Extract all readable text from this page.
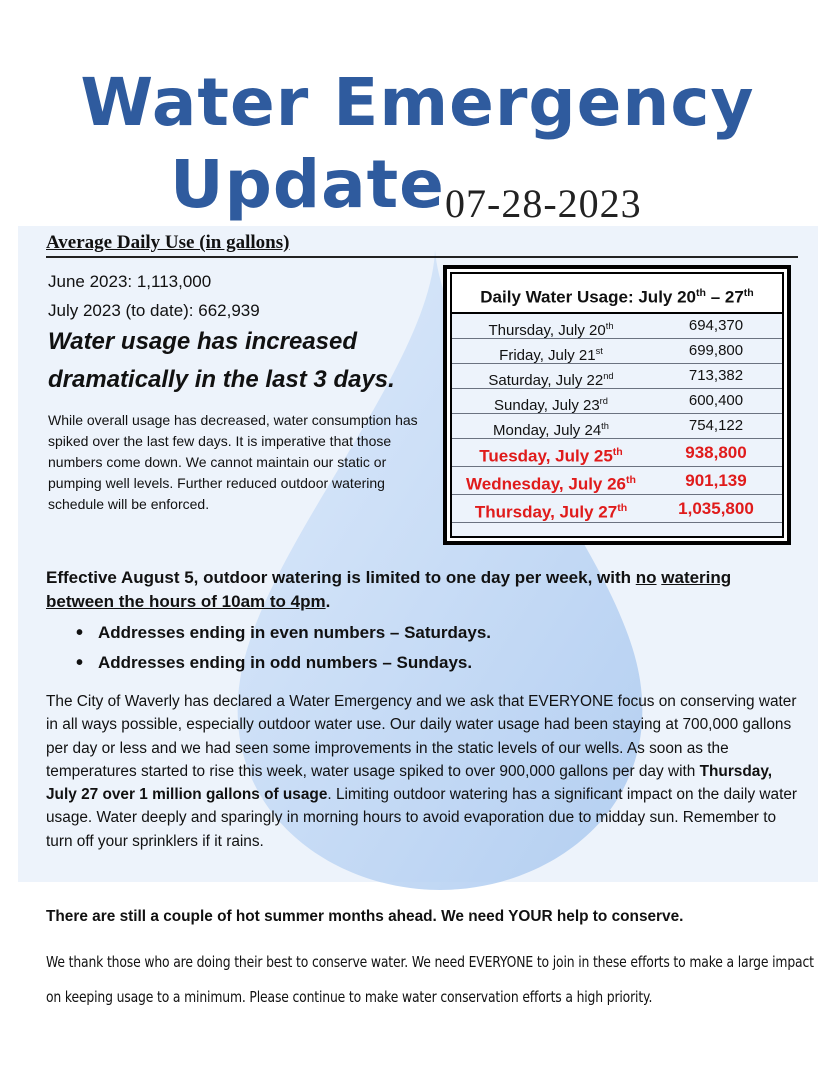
Water Emergency
Update 07-28-2023
Average Daily Use (in gallons)
June 2023: 1,113,000
July 2023 (to date): 662,939
Water usage has increased
dramatically in the last 3 days.
While overall usage has decreased, water consumption has spiked over the last few days. It is imperative that those numbers come down. We cannot maintain our static or pumping well levels. Further reduced outdoor watering schedule will be enforced.
Daily Water Usage: July 20th – 27th
Thursday, July 20th	694,370
Friday, July 21st	699,800
Saturday, July 22nd	713,382
Sunday, July 23rd	600,400
Monday, July 24th	754,122
Tuesday, July 25th	938,800
Wednesday, July 26th	901,139
Thursday, July 27th	1,035,800
Effective August 5, outdoor watering is limited to one day per week, with no watering between the hours of 10am to 4pm.
• Addresses ending in even numbers – Saturdays.
• Addresses ending in odd numbers – Sundays.
The City of Waverly has declared a Water Emergency and we ask that EVERYONE focus on conserving water in all ways possible, especially outdoor water use. Our daily water usage had been staying at 700,000 gallons per day or less and we had seen some improvements in the static levels of our wells. As soon as the temperatures started to rise this week, water usage spiked to over 900,000 gallons per day with Thursday, July 27 over 1 million gallons of usage. Limiting outdoor watering has a significant impact on the daily water usage. Water deeply and sparingly in morning hours to avoid evaporation due to midday sun. Remember to turn off your sprinklers if it rains.
There are still a couple of hot summer months ahead. We need YOUR help to conserve.
We thank those who are doing their best to conserve water. We need EVERYONE to join in these efforts to make a large impact on keeping usage to a minimum. Please continue to make water conservation efforts a high priority.
